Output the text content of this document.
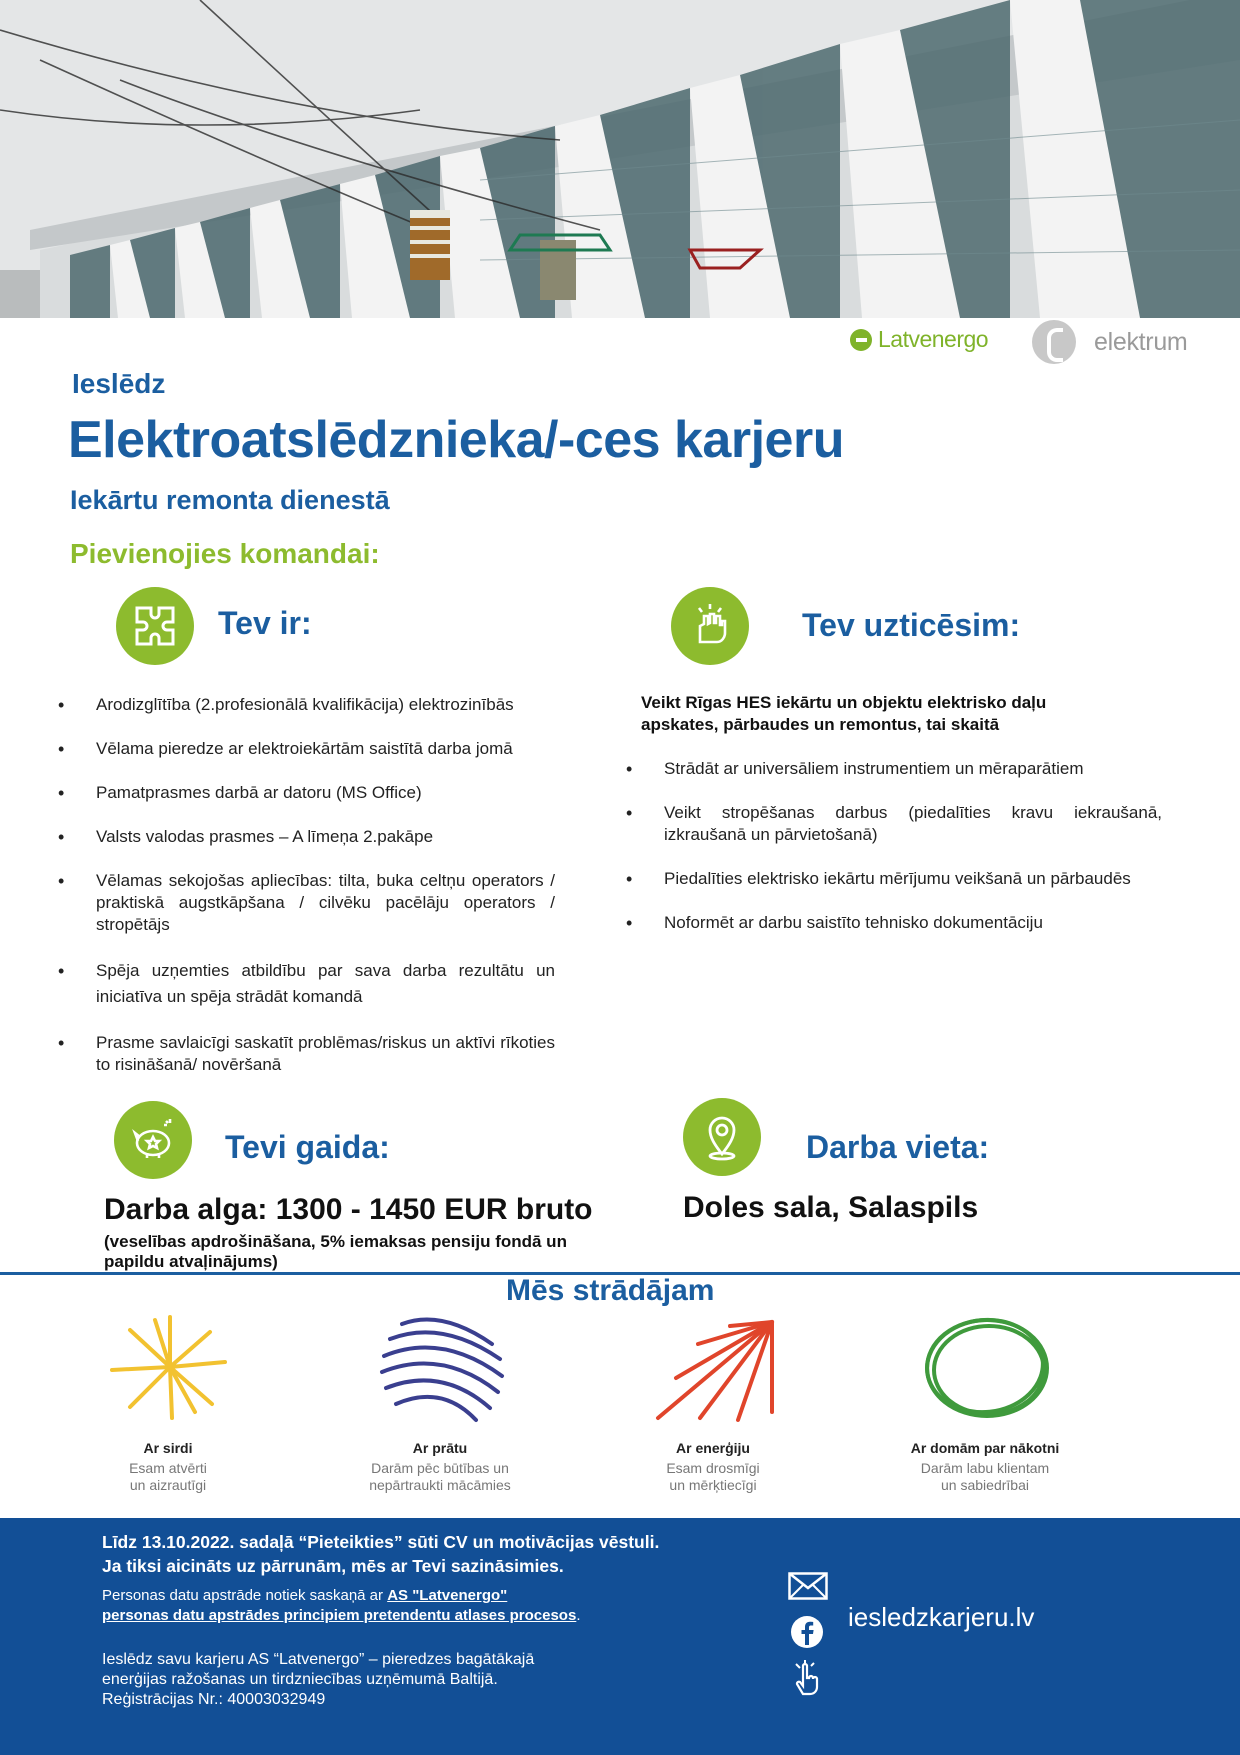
Latvenergo	elektrum
Ieslēdz
Elektroatslēdznieka/-ces karjeru
Iekārtu remonta dienestā
Pievienojies komandai:
Tev ir:
• Arodizglītība (2.profesionālā kvalifikācija) elektrozinībās
• Vēlama pieredze ar elektroiekārtām saistītā darba jomā
• Pamatprasmes darbā ar datoru (MS Office)
• Valsts valodas prasmes – A līmeņa 2.pakāpe
• Vēlamas sekojošas apliecības: tilta, buka celtņu operators / praktiskā augstkāpšana / cilvēku pacēlāju operators / stropētājs
• Spēja uzņemties atbildību par sava darba rezultātu un iniciatīva un spēja strādāt komandā
• Prasme savlaicīgi saskatīt problēmas/riskus un aktīvi rīkoties to risināšanā/ novēršanā
Tev uzticēsim:
Veikt Rīgas HES iekārtu un objektu elektrisko daļu apskates, pārbaudes un remontus, tai skaitā
• Strādāt ar universāliem instrumentiem un mēraparātiem
• Veikt stropēšanas darbus (piedalīties kravu iekraušanā, izkraušanā un pārvietošanā)
• Piedalīties elektrisko iekārtu mērījumu veikšanā un pārbaudēs
• Noformēt ar darbu saistīto tehnisko dokumentāciju
Tevi gaida:
Darba alga: 1300 - 1450 EUR bruto
(veselības apdrošināšana, 5% iemaksas pensiju fondā un papildu atvaļinājums)
Darba vieta:
Doles sala, Salaspils
Mēs strādājam
Ar sirdi
Esam atvērti
un aizrautīgi
Ar prātu
Darām pēc būtības un
nepārtraukti mācāmies
Ar enerģiju
Esam drosmīgi
un mērķtiecīgi
Ar domām par nākotni
Darām labu klientam
un sabiedrībai
Līdz 13.10.2022. sadaļā “Pieteikties” sūti CV un motivācijas vēstuli.
Ja tiksi aicināts uz pārrunām, mēs ar Tevi sazināsimies.
Personas datu apstrāde notiek saskaņā ar AS "Latvenergo"
personas datu apstrādes principiem pretendentu atlases procesos.
Ieslēdz savu karjeru AS “Latvenergo” – pieredzes bagātākajā
enerģijas ražošanas un tirdzniecības uzņēmumā Baltijā.
Reģistrācijas Nr.: 40003032949
iesledzkarjeru.lv
